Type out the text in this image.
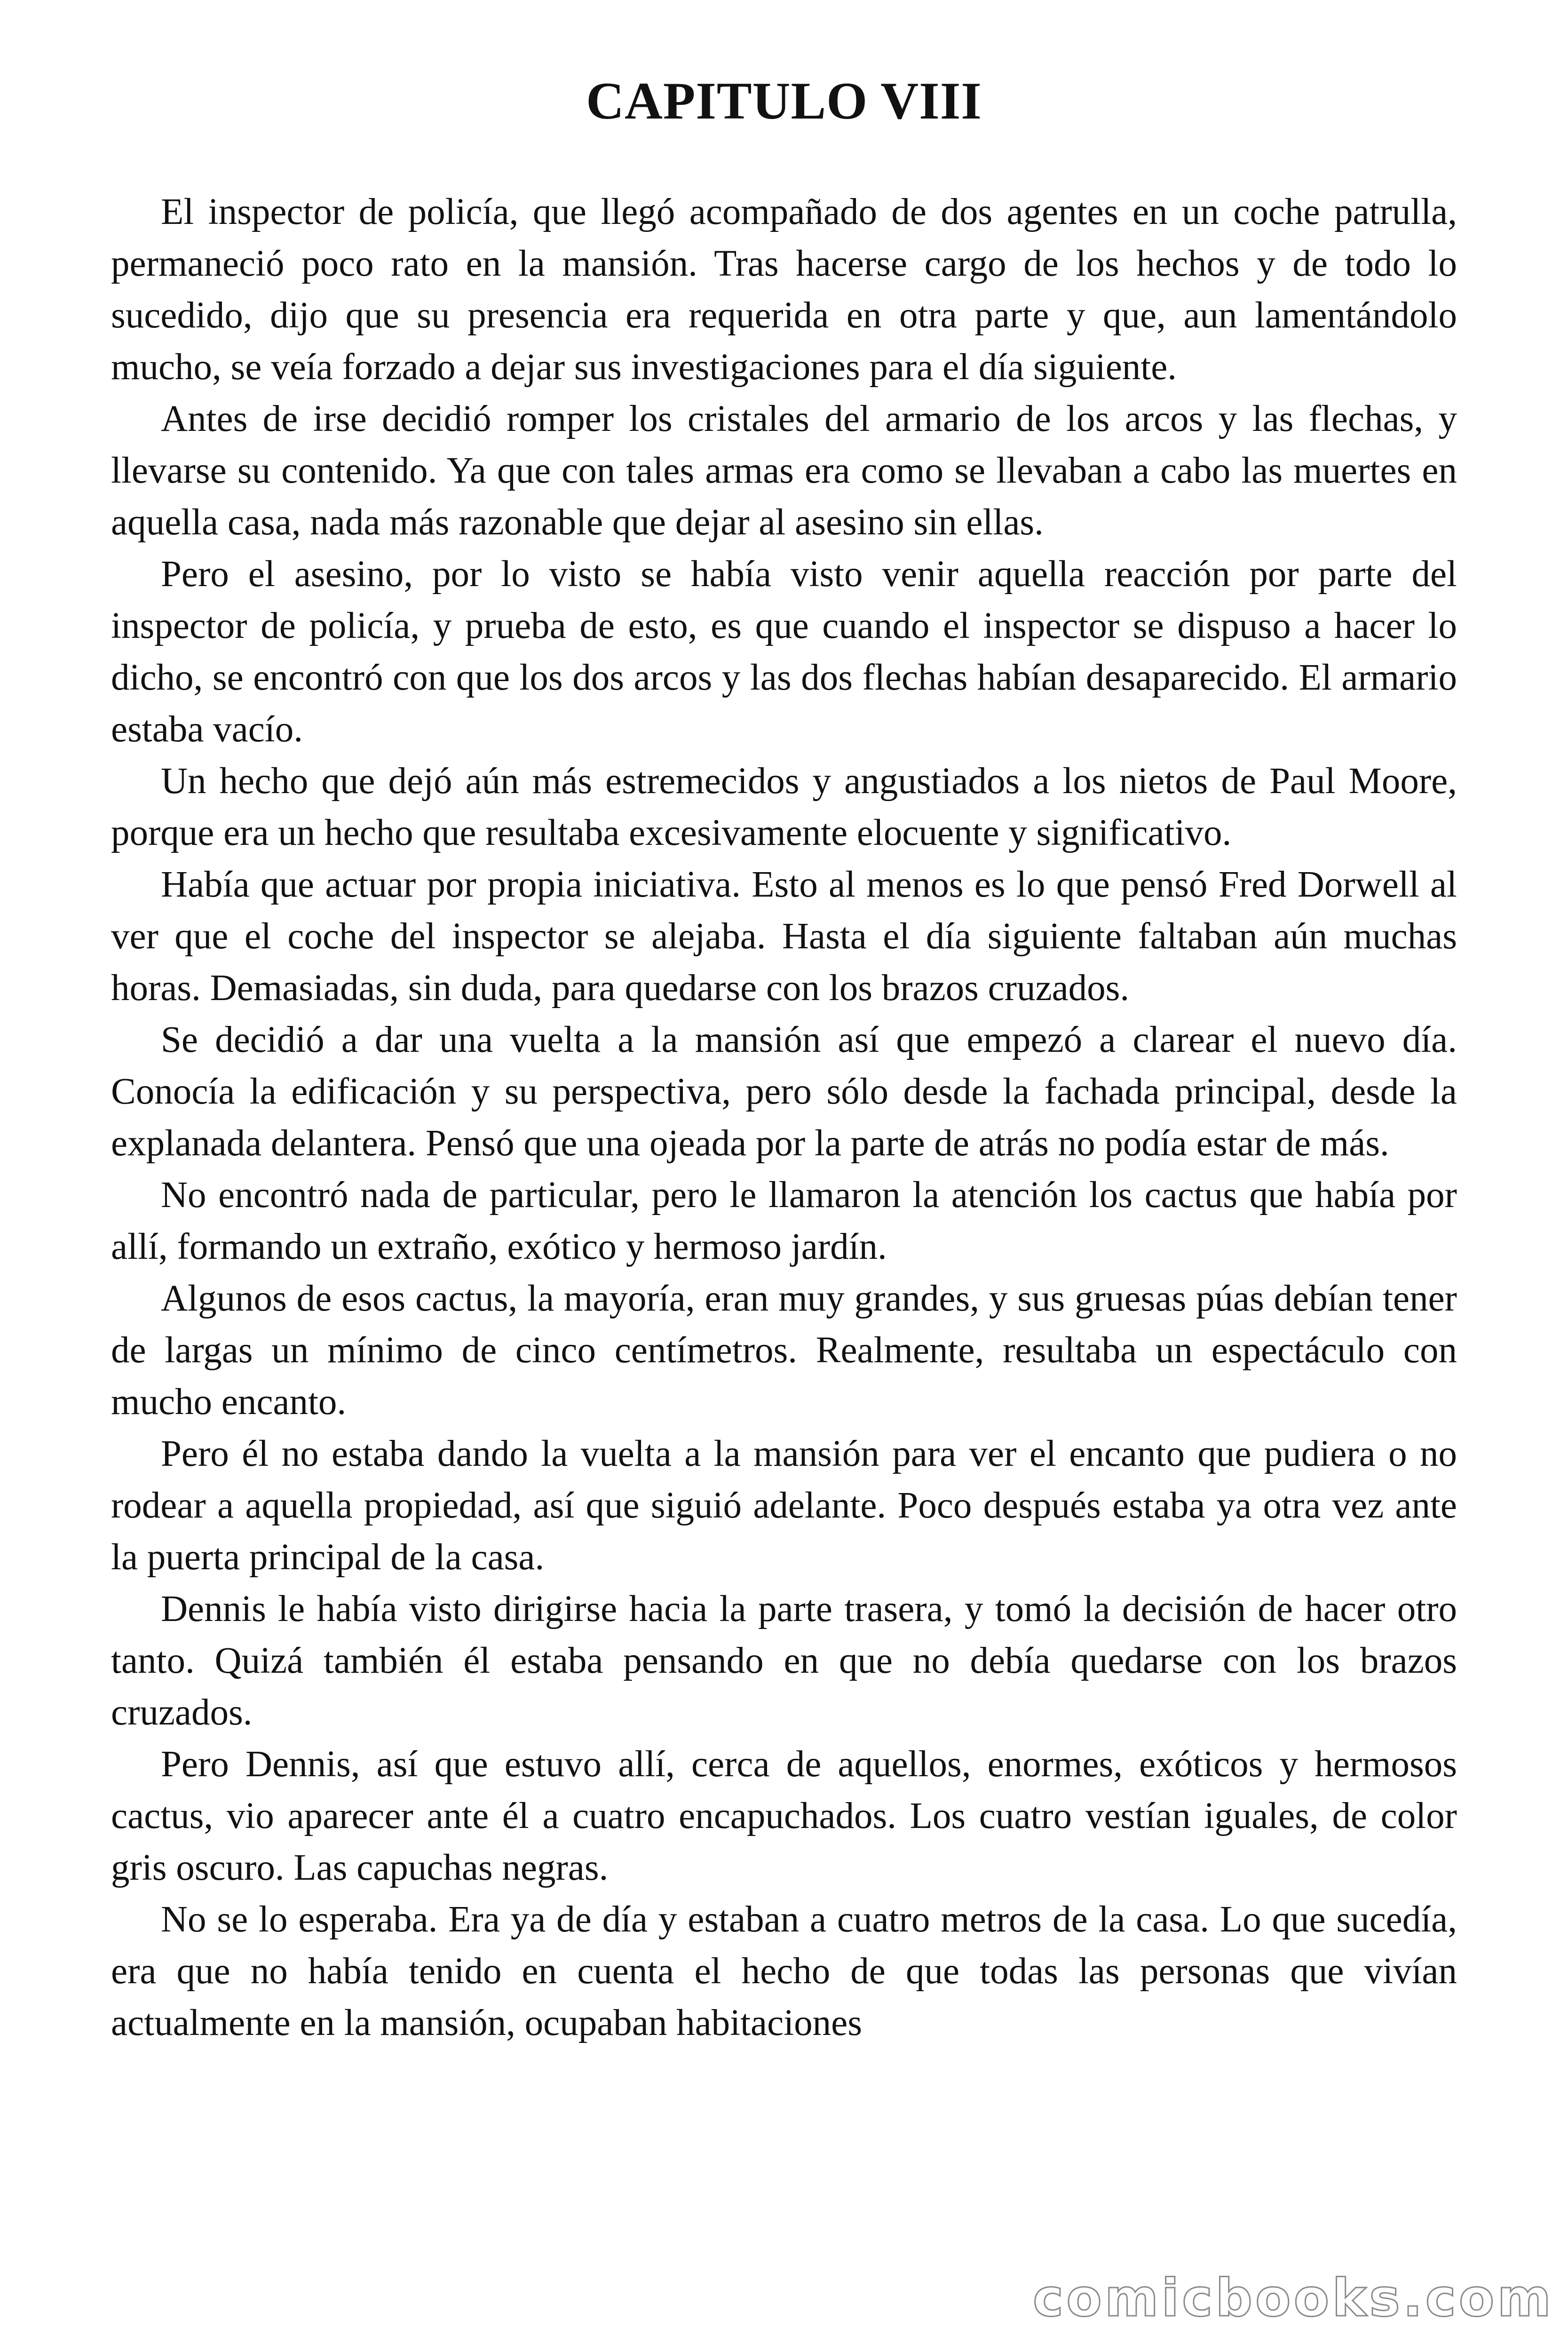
CAPITULO VIII

El inspector de policía, que llegó acompañado de dos agentes en un coche patrulla, permaneció poco rato en la mansión. Tras hacerse cargo de los hechos y de todo lo sucedido, dijo que su presencia era requerida en otra parte y que, aun lamentándolo mucho, se veía forzado a dejar sus investigaciones para el día siguiente.

Antes de irse decidió romper los cristales del armario de los arcos y las flechas, y llevarse su contenido. Ya que con tales armas era como se llevaban a cabo las muertes en aquella casa, nada más razonable que dejar al asesino sin ellas.

Pero el asesino, por lo visto se había visto venir aquella reacción por parte del inspector de policía, y prueba de esto, es que cuando el inspector se dispuso a hacer lo dicho, se encontró con que los dos arcos y las dos flechas habían desaparecido. El armario estaba vacío.

Un hecho que dejó aún más estremecidos y angustiados a los nietos de Paul Moore, porque era un hecho que resultaba excesivamente elocuente y significativo.

Había que actuar por propia iniciativa. Esto al menos es lo que pensó Fred Dorwell al ver que el coche del inspector se alejaba. Hasta el día siguiente faltaban aún muchas horas. Demasiadas, sin duda, para quedarse con los brazos cruzados.

Se decidió a dar una vuelta a la mansión así que empezó a clarear el nuevo día. Conocía la edificación y su perspectiva, pero sólo desde la fachada principal, desde la explanada delantera. Pensó que una ojeada por la parte de atrás no podía estar de más.

No encontró nada de particular, pero le llamaron la atención los cactus que había por allí, formando un extraño, exótico y hermoso jardín.

Algunos de esos cactus, la mayoría, eran muy grandes, y sus gruesas púas debían tener de largas un mínimo de cinco centímetros. Realmente, resultaba un espectáculo con mucho encanto.

Pero él no estaba dando la vuelta a la mansión para ver el encanto que pudiera o no rodear a aquella propiedad, así que siguió adelante. Poco después estaba ya otra vez ante la puerta principal de la casa.

Dennis le había visto dirigirse hacia la parte trasera, y tomó la decisión de hacer otro tanto. Quizá también él estaba pensando en que no debía quedarse con los brazos cruzados.

Pero Dennis, así que estuvo allí, cerca de aquellos, enormes, exóticos y hermosos cactus, vio aparecer ante él a cuatro encapuchados. Los cuatro vestían iguales, de color gris oscuro. Las capuchas negras.

No se lo esperaba. Era ya de día y estaban a cuatro metros de la casa. Lo que sucedía, era que no había tenido en cuenta el hecho de que todas las personas que vivían actualmente en la mansión, ocupaban habitaciones

comicbooks.com
